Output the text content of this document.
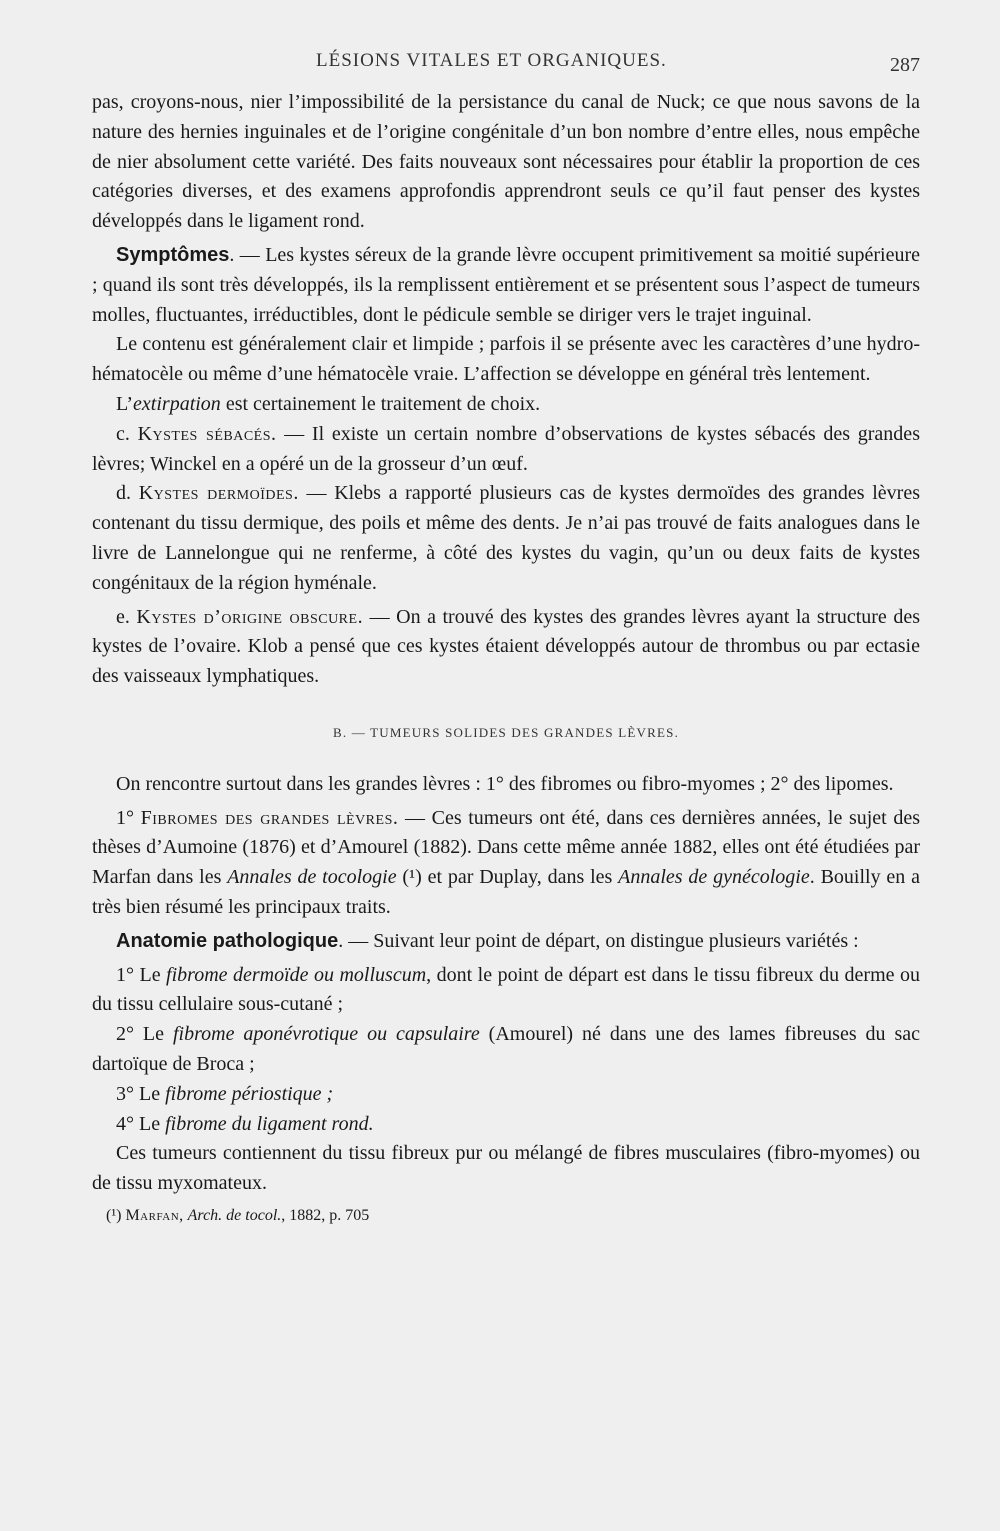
LÉSIONS VITALES ET ORGANIQUES.	287

pas, croyons-nous, nier l’impossibilité de la persistance du canal de Nuck; ce que nous savons de la nature des hernies inguinales et de l’origine congénitale d’un bon nombre d’entre elles, nous empêche de nier absolument cette variété. Des faits nouveaux sont nécessaires pour établir la proportion de ces catégories diverses, et des examens approfondis apprendront seuls ce qu’il faut penser des kystes développés dans le ligament rond.

Symptômes. — Les kystes séreux de la grande lèvre occupent primitivement sa moitié supérieure ; quand ils sont très développés, ils la remplissent entièrement et se présentent sous l’aspect de tumeurs molles, fluctuantes, irréductibles, dont le pédicule semble se diriger vers le trajet inguinal.

Le contenu est généralement clair et limpide ; parfois il se présente avec les caractères d’une hydro-hématocèle ou même d’une hématocèle vraie. L’affection se développe en général très lentement.

L’extirpation est certainement le traitement de choix.

c. Kystes sébacés. — Il existe un certain nombre d’observations de kystes sébacés des grandes lèvres; Winckel en a opéré un de la grosseur d’un œuf.

d. Kystes dermoïdes. — Klebs a rapporté plusieurs cas de kystes dermoïdes des grandes lèvres contenant du tissu dermique, des poils et même des dents. Je n’ai pas trouvé de faits analogues dans le livre de Lannelongue qui ne renferme, à côté des kystes du vagin, qu’un ou deux faits de kystes congénitaux de la région hyménale.

e. Kystes d’origine obscure. — On a trouvé des kystes des grandes lèvres ayant la structure des kystes de l’ovaire. Klob a pensé que ces kystes étaient développés autour de thrombus ou par ectasie des vaisseaux lymphatiques.

B. — TUMEURS SOLIDES DES GRANDES LÈVRES.

On rencontre surtout dans les grandes lèvres : 1° des fibromes ou fibro-myomes ; 2° des lipomes.

1° Fibromes des grandes lèvres. — Ces tumeurs ont été, dans ces dernières années, le sujet des thèses d’Aumoine (1876) et d’Amourel (1882). Dans cette même année 1882, elles ont été étudiées par Marfan dans les Annales de tocologie (¹) et par Duplay, dans les Annales de gynécologie. Bouilly en a très bien résumé les principaux traits.

Anatomie pathologique. — Suivant leur point de départ, on distingue plusieurs variétés :

1° Le fibrome dermoïde ou molluscum, dont le point de départ est dans le tissu fibreux du derme ou du tissu cellulaire sous-cutané ;

2° Le fibrome aponévrotique ou capsulaire (Amourel) né dans une des lames fibreuses du sac dartoïque de Broca ;

3° Le fibrome périostique ;

4° Le fibrome du ligament rond.

Ces tumeurs contiennent du tissu fibreux pur ou mélangé de fibres musculaires (fibro-myomes) ou de tissu myxomateux.

(¹) Marfan, Arch. de tocol., 1882, p. 705
